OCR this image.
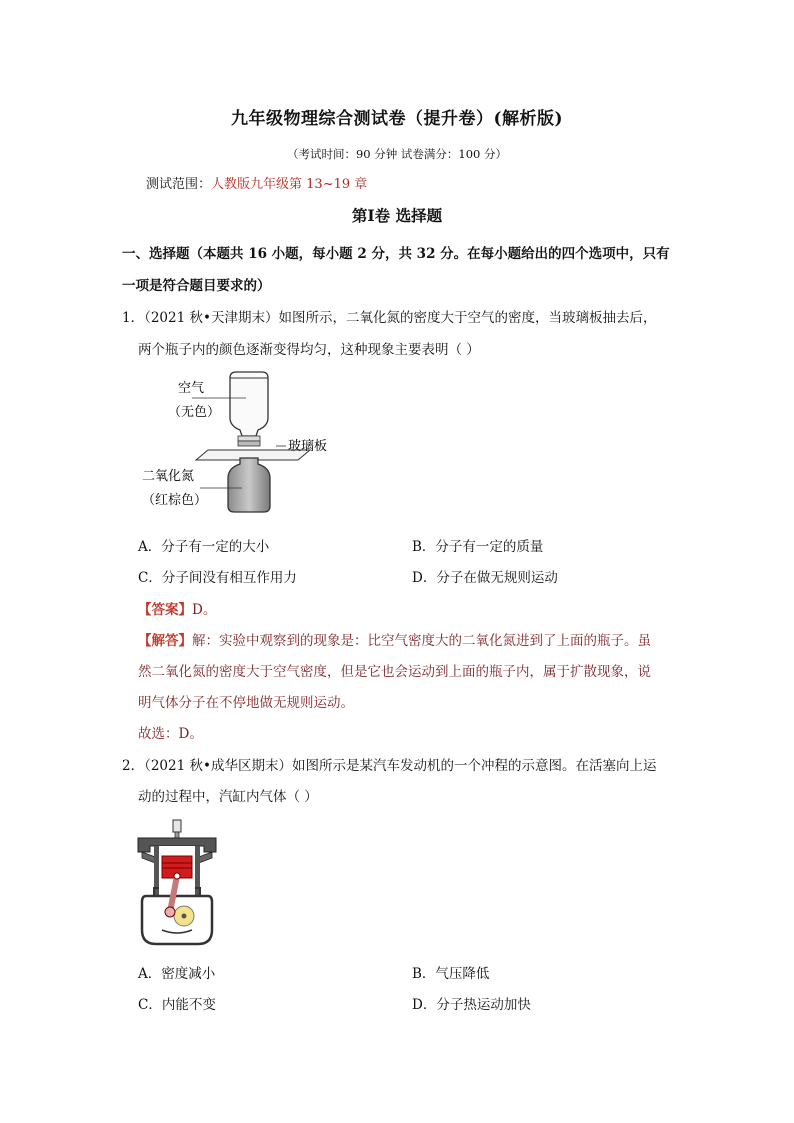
九年级物理综合测试卷（提升卷）(解析版)
（考试时间：90 分钟 试卷满分：100 分）
测试范围：人教版九年级第 13~19 章
第Ⅰ卷 选择题
一、选择题（本题共 16 小题，每小题 2 分，共 32 分。在每小题给出的四个选项中，只有
一项是符合题目要求的）
1．（2021 秋•天津期末）如图所示，二氧化氮的密度大于空气的密度，当玻璃板抽去后，
两个瓶子内的颜色逐渐变得均匀，这种现象主要表明（ ）
空气
（无色）
玻璃板
二氧化氮
（红棕色）
A．分子有一定的大小	B．分子有一定的质量
C．分子间没有相互作用力	D．分子在做无规则运动
【答案】D。
【解答】解：实验中观察到的现象是：比空气密度大的二氧化氮进到了上面的瓶子。虽
然二氧化氮的密度大于空气密度，但是它也会运动到上面的瓶子内，属于扩散现象，说
明气体分子在不停地做无规则运动。
故选：D。
2．（2021 秋•成华区期末）如图所示是某汽车发动机的一个冲程的示意图。在活塞向上运
动的过程中，汽缸内气体（ ）
A．密度减小	B．气压降低
C．内能不变	D．分子热运动加快
